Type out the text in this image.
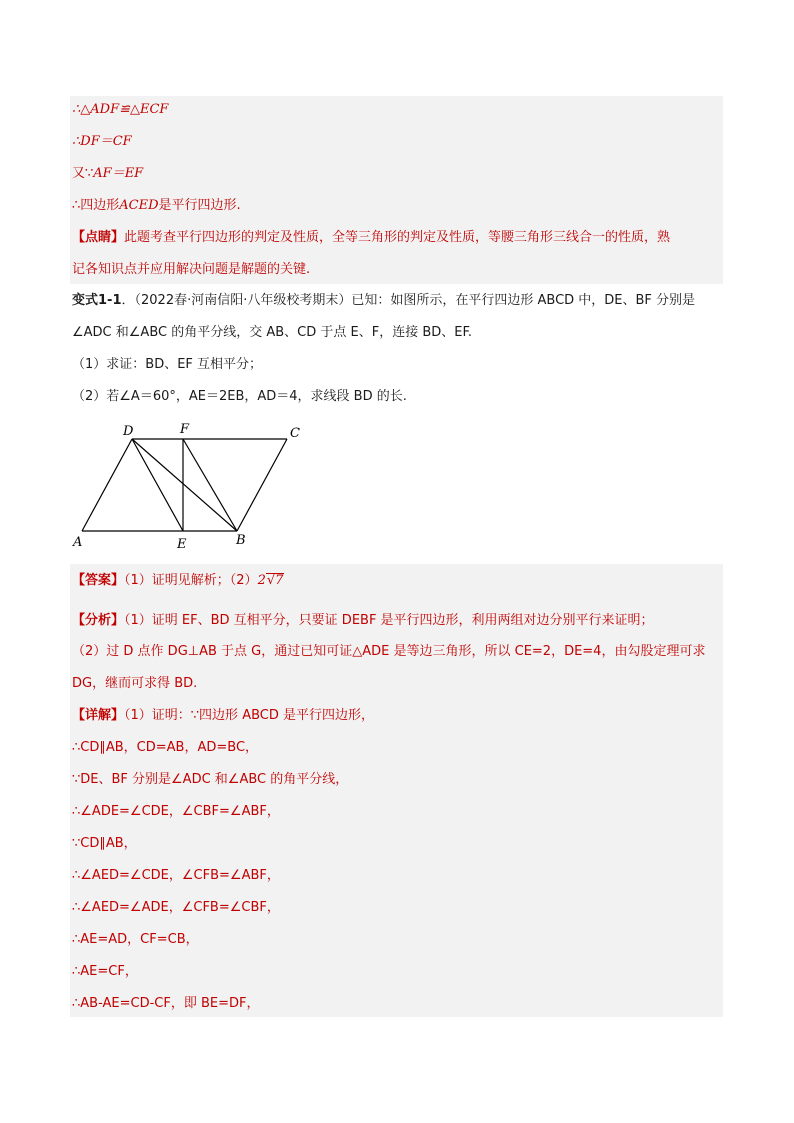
∴△ADF≌△ECF
∴DF＝CF
又∵AF＝EF
∴四边形ACED是平行四边形.
【点睛】此题考查平行四边形的判定及性质，全等三角形的判定及性质，等腰三角形三线合一的性质，熟
记各知识点并应用解决问题是解题的关键.
变式1-1．（2022春·河南信阳·八年级校考期末）已知：如图所示，在平行四边形 ABCD 中，DE、BF 分别是
∠ADC 和∠ABC 的角平分线，交 AB、CD 于点 E、F，连接 BD、EF.
（1）求证：BD、EF 互相平分；
（2）若∠A＝60°，AE＝2EB，AD＝4，求线段 BD 的长.
D	F	C
A	E	B
【答案】（1）证明见解析；（2）2√7
【分析】（1）证明 EF、BD 互相平分，只要证 DEBF 是平行四边形，利用两组对边分别平行来证明；
（2）过 D 点作 DG⊥AB 于点 G，通过已知可证△ADE 是等边三角形，所以 CE=2，DE=4，由勾股定理可求
DG，继而可求得 BD.
【详解】（1）证明：∵四边形 ABCD 是平行四边形，
∴CD∥AB，CD=AB，AD=BC，
∵DE、BF 分别是∠ADC 和∠ABC 的角平分线，
∴∠ADE=∠CDE，∠CBF=∠ABF，
∵CD∥AB，
∴∠AED=∠CDE，∠CFB=∠ABF，
∴∠AED=∠ADE，∠CFB=∠CBF，
∴AE=AD，CF=CB，
∴AE=CF，
∴AB-AE=CD-CF，即 BE=DF，
